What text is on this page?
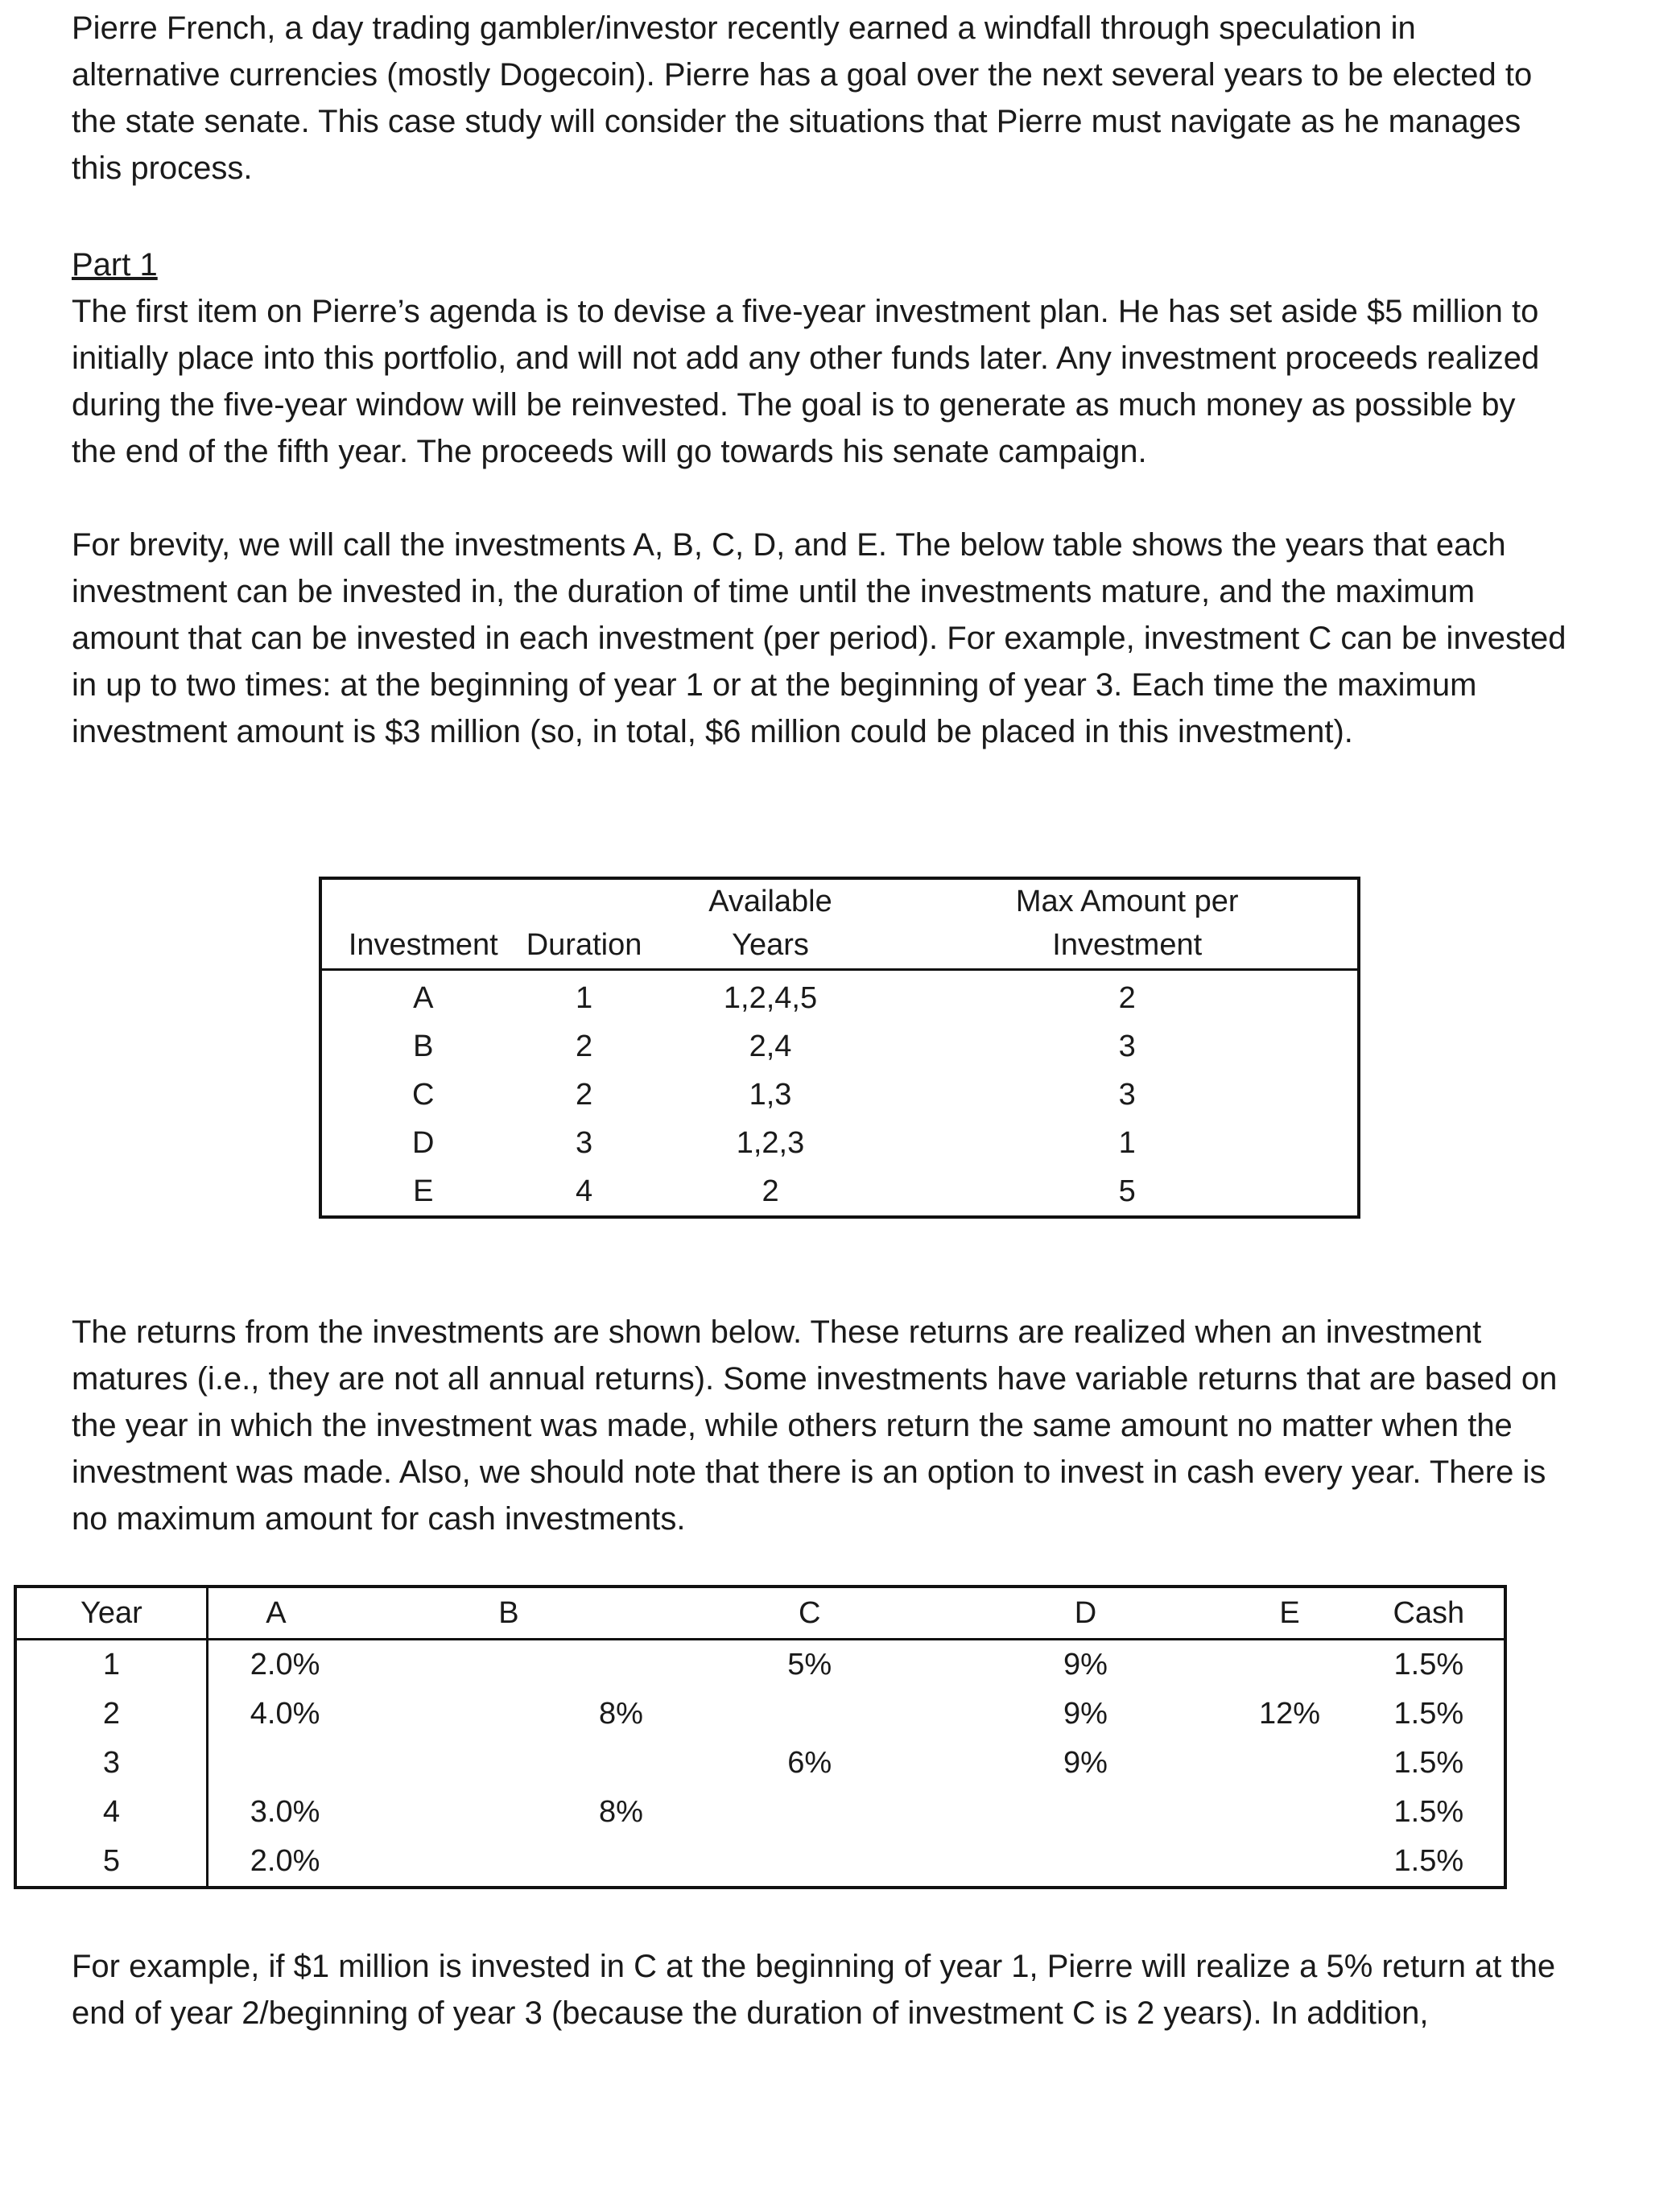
Pierre French, a day trading gambler/investor recently earned a windfall through speculation in alternative currencies (mostly Dogecoin). Pierre has a goal over the next several years to be elected to the state senate. This case study will consider the situations that Pierre must navigate as he manages this process.

Part 1

The first item on Pierre’s agenda is to devise a five-year investment plan. He has set aside $5 million to initially place into this portfolio, and will not add any other funds later. Any investment proceeds realized during the five-year window will be reinvested. The goal is to generate as much money as possible by the end of the fifth year. The proceeds will go towards his senate campaign.

For brevity, we will call the investments A, B, C, D, and E. The below table shows the years that each investment can be invested in, the duration of time until the investments mature, and the maximum amount that can be invested in each investment (per period). For example, investment C can be invested in up to two times: at the beginning of year 1 or at the beginning of year 3. Each time the maximum investment amount is $3 million (so, in total, $6 million could be placed in this investment).

		Available	Max Amount per
Investment	Duration	Years	Investment
A	1	1,2,4,5	2
B	2	2,4	3
C	2	1,3	3
D	3	1,2,3	1
E	4	2	5

The returns from the investments are shown below. These returns are realized when an investment matures (i.e., they are not all annual returns). Some investments have variable returns that are based on the year in which the investment was made, while others return the same amount no matter when the investment was made. Also, we should note that there is an option to invest in cash every year. There is no maximum amount for cash investments.

Year	A	B	C	D	E	Cash
1	2.0%		5%	9%		1.5%
2	4.0%	8%		9%	12%	1.5%
3			6%	9%		1.5%
4	3.0%	8%				1.5%
5	2.0%					1.5%

For example, if $1 million is invested in C at the beginning of year 1, Pierre will realize a 5% return at the end of year 2/beginning of year 3 (because the duration of investment C is 2 years). In addition,
